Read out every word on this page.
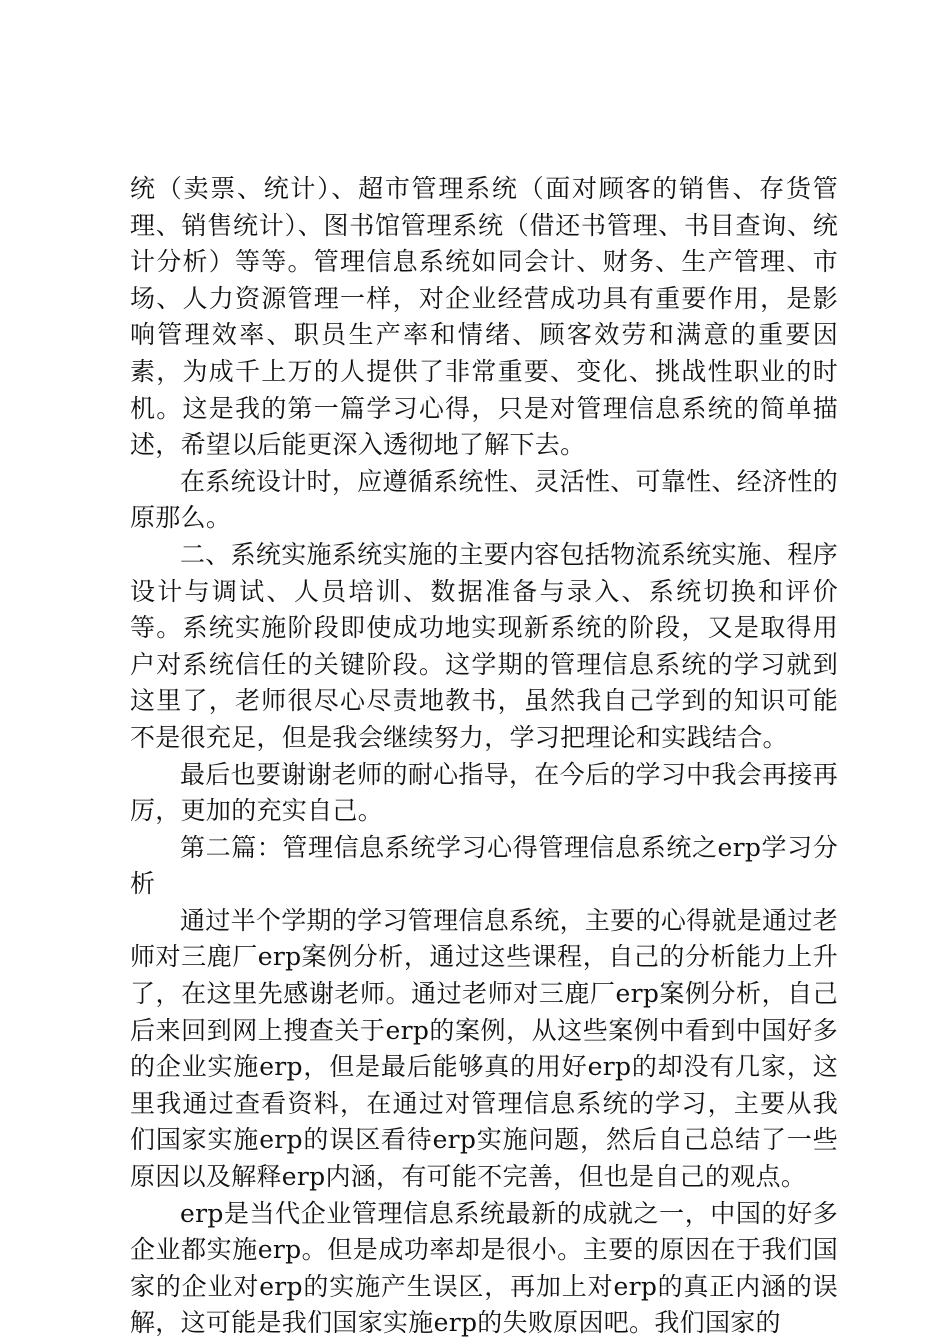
统（卖票、统计）、超市管理系统（面对顾客的销售、存货管理、销售统计）、图书馆管理系统（借还书管理、书目查询、统计分析）等等。管理信息系统如同会计、财务、生产管理、市场、人力资源管理一样，对企业经营成功具有重要作用，是影响管理效率、职员生产率和情绪、顾客效劳和满意的重要因素，为成千上万的人提供了非常重要、变化、挑战性职业的时机。这是我的第一篇学习心得，只是对管理信息系统的简单描述，希望以后能更深入透彻地了解下去。

在系统设计时，应遵循系统性、灵活性、可靠性、经济性的原那么。

二、系统实施系统实施的主要内容包括物流系统实施、程序设计与调试、人员培训、数据准备与录入、系统切换和评价等。系统实施阶段即使成功地实现新系统的阶段，又是取得用户对系统信任的关键阶段。这学期的管理信息系统的学习就到这里了，老师很尽心尽责地教书，虽然我自己学到的知识可能不是很充足，但是我会继续努力，学习把理论和实践结合。

最后也要谢谢老师的耐心指导，在今后的学习中我会再接再厉，更加的充实自己。

第二篇：管理信息系统学习心得管理信息系统之erp学习分析

通过半个学期的学习管理信息系统，主要的心得就是通过老师对三鹿厂erp案例分析，通过这些课程，自己的分析能力上升了，在这里先感谢老师。通过老师对三鹿厂erp案例分析，自己后来回到网上搜查关于erp的案例，从这些案例中看到中国好多的企业实施erp，但是最后能够真的用好erp的却没有几家，这里我通过查看资料，在通过对管理信息系统的学习，主要从我们国家实施erp的误区看待erp实施问题，然后自己总结了一些原因以及解释erp内涵，有可能不完善，但也是自己的观点。

erp是当代企业管理信息系统最新的成就之一，中国的好多企业都实施erp。但是成功率却是很小。主要的原因在于我们国家的企业对erp的实施产生误区，再加上对erp的真正内涵的误解，这可能是我们国家实施erp的失败原因吧。我们国家的
